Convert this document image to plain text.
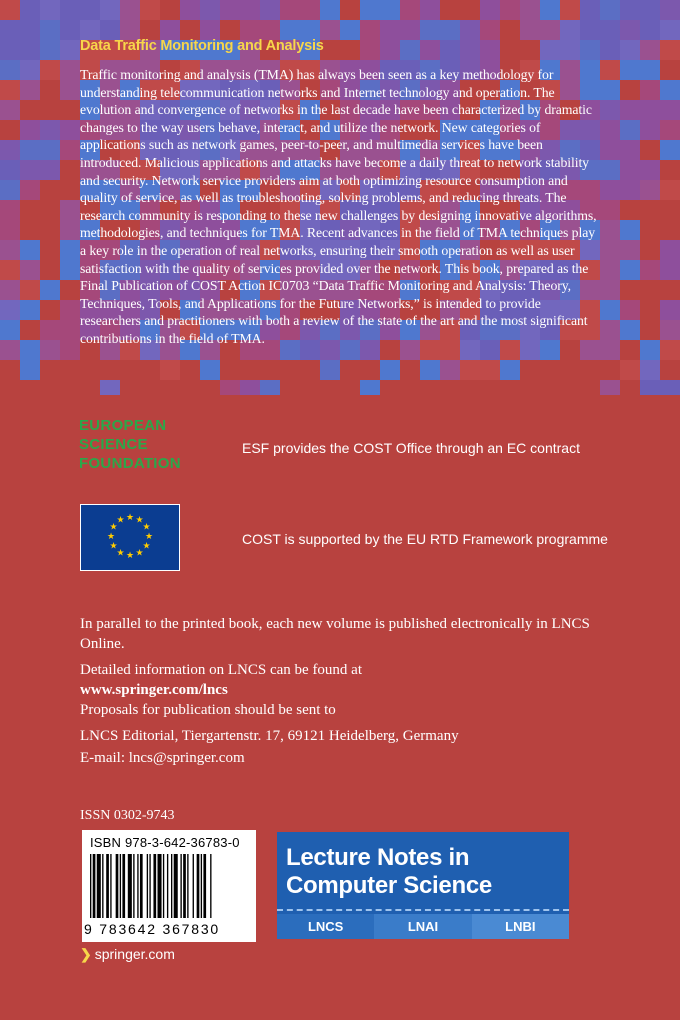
Data Traffic Monitoring and Analysis

Traffic monitoring and analysis (TMA) has always been seen as a key methodology for understanding telecommunication networks and Internet technology and operation. The evolution and convergence of networks in the last decade have been characterized by dramatic changes to the way users behave, interact, and utilize the network. New categories of applications such as network games, peer-to-peer, and multimedia services have been introduced. Malicious applications and attacks have become a daily threat to network stability and security. Network service providers aim at both optimizing resource consumption and quality of service, as well as troubleshooting, solving problems, and reducing threats. The research community is responding to these new challenges by designing innovative algorithms, methodologies, and techniques for TMA. Recent advances in the field of TMA techniques play a key role in the operation of real networks, ensuring their smooth operation as well as user satisfaction with the quality of services provided over the network. This book, prepared as the Final Publication of COST Action IC0703 “Data Traffic Monitoring and Analysis: Theory, Techniques, Tools, and Applications for the Future Networks,” is intended to provide researchers and practitioners with both a review of the state of the art and the most significant contributions in the field of TMA.

EUROPEAN
SCIENCE
FOUNDATION
ESF provides the COST Office through an EC contract
★ ★
★
★
★
★
★
★
★
★
★
★
COST is supported by the EU RTD Framework programme

In parallel to the printed book, each new volume is published electronically in LNCS Online.

Detailed information on LNCS can be found at

www.springer.com/lncs

Proposals for publication should be sent to

LNCS Editorial, Tiergartenstr. 17, 69121 Heidelberg, Germany

E-mail: lncs@springer.com

ISSN 0302-9743
ISBN 978-3-642-36783-0
9 783642 367830
Lecture Notes in
Computer Science
LNCS	LNAI	LNBI
❯ springer.com
